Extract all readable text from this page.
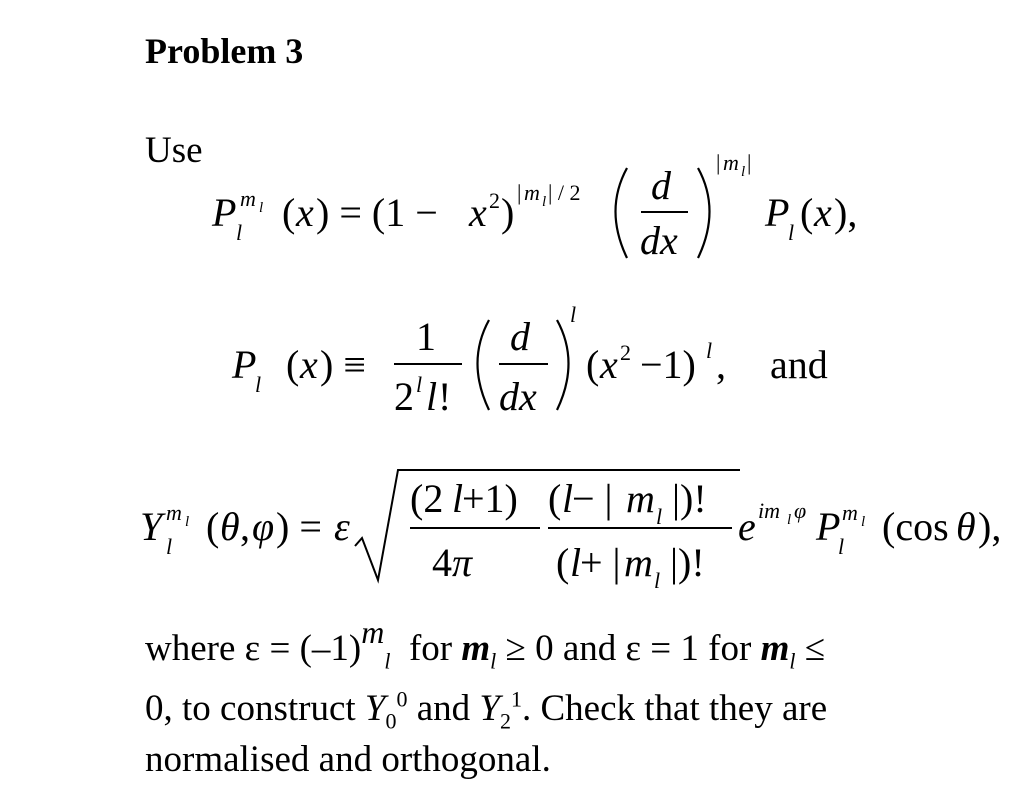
Problem 3
Use
P m l
l ( x ) = (1 − x 2 ) | m l | / 2 d
dx
| m l |
P
l ( x ),
P
l ( x ) ≡
1
2 l l !
d
dx
l
( x 2 −1) l , and
Y m l
l ( θ , φ ) = ε
(2 l
+1) ( l
− | m l |)!
4 π ( l
+ | m l |)!
e im l φ P m l
l (cos θ ),
where $\varepsilon = (-1)^m_l$ for $m_l \ge 0$ and ε = 1 for $m_l$ ≤
0, to construct $Y_0^0$ and $Y_2^1$. Check that they are
normalised and orthogonal.
